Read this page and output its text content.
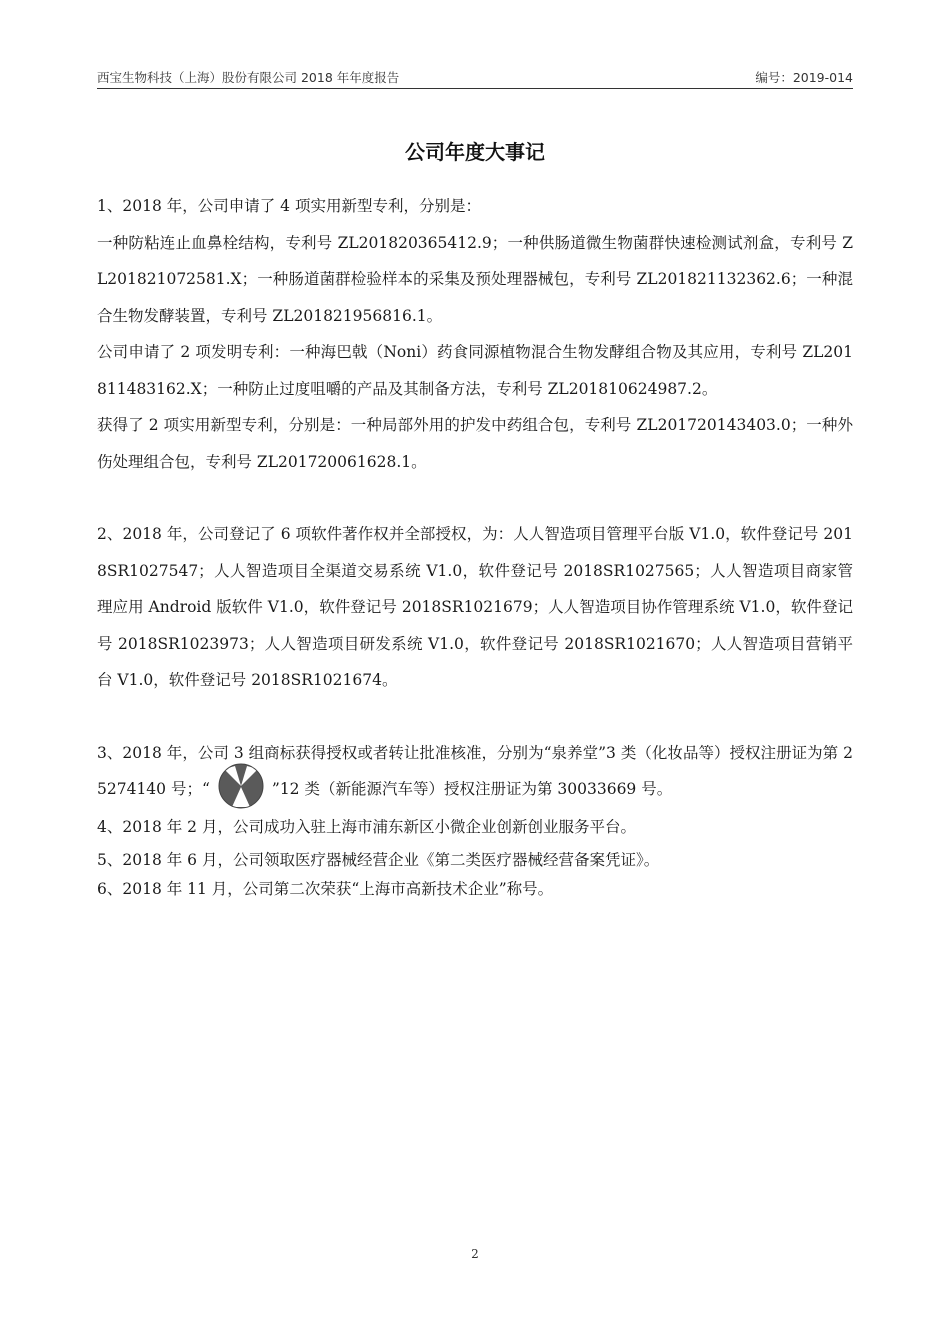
西宝生物科技（上海）股份有限公司 2018 年年度报告	编号：2019-014
公司年度大事记

1、2018 年，公司申请了 4 项实用新型专利，分别是：

一种防粘连止血鼻栓结构，专利号 ZL201820365412.9；一种供肠道微生物菌群快速检测试剂盒，专利号 ZL201821072581.X；一种肠道菌群检验样本的采集及预处理器械包，专利号 ZL201821132362.6；一种混合生物发酵装置，专利号 ZL201821956816.1。

公司申请了 2 项发明专利：一种海巴戟（Noni）药食同源植物混合生物发酵组合物及其应用，专利号 ZL201811483162.X；一种防止过度咀嚼的产品及其制备方法，专利号 ZL201810624987.2。

获得了 2 项实用新型专利，分别是：一种局部外用的护发中药组合包，专利号 ZL201720143403.0；一种外伤处理组合包，专利号 ZL201720061628.1。

2、2018 年，公司登记了 6 项软件著作权并全部授权，为：人人智造项目管理平台版 V1.0，软件登记号 2018SR1027547；人人智造项目全渠道交易系统 V1.0，软件登记号 2018SR1027565；人人智造项目商家管理应用 Android 版软件 V1.0，软件登记号 2018SR1021679；人人智造项目协作管理系统 V1.0，软件登记号 2018SR1023973；人人智造项目研发系统 V1.0，软件登记号 2018SR1021670；人人智造项目营销平台 V1.0，软件登记号 2018SR1021674。

3、2018 年，公司 3 组商标获得授权或者转让批准核准，分别为“泉养堂”3 类（化妆品等）授权注册证为第 25274140 号；“	”12 类（新能源汽车等）授权注册证为第 30033669 号。

4、2018 年 2 月，公司成功入驻上海市浦东新区小微企业创新创业服务平台。

5、2018 年 6 月，公司领取医疗器械经营企业《第二类医疗器械经营备案凭证》。

6、2018 年 11 月，公司第二次荣获“上海市高新技术企业”称号。

2
